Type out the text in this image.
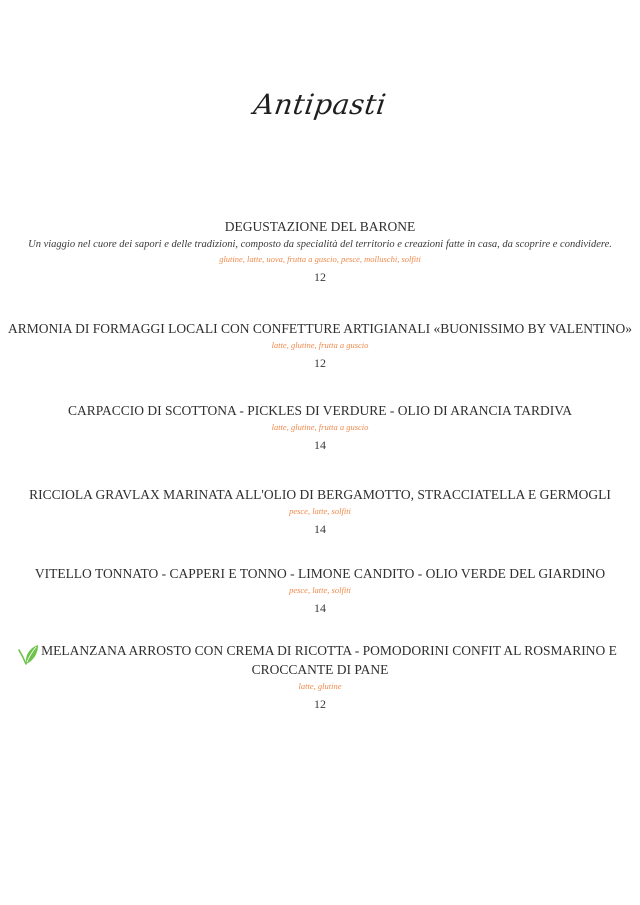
Antipasti
DEGUSTAZIONE DEL BARONE
Un viaggio nel cuore dei sapori e delle tradizioni, composto da specialità del territorio e creazioni fatte in casa, da scoprire e condividere.
glutine, latte, uova, frutta a guscio, pesce, molluschi, solfiti
12
ARMONIA DI FORMAGGI LOCALI CON CONFETTURE ARTIGIANALI «BUONISSIMO BY VALENTINO»
latte, glutine, frutta a guscio
12
CARPACCIO DI SCOTTONA - PICKLES DI VERDURE - OLIO DI ARANCIA TARDIVA
latte, glutine, frutta a guscio
14
RICCIOLA GRAVLAX MARINATA ALL'OLIO DI BERGAMOTTO, STRACCIATELLA E GERMOGLI
pesce, latte, solfiti
14
VITELLO TONNATO - CAPPERI E TONNO - LIMONE CANDITO - OLIO VERDE DEL GIARDINO
pesce, latte, solfiti
14
MELANZANA ARROSTO CON CREMA DI RICOTTA - POMODORINI CONFIT AL ROSMARINO E CROCCANTE DI PANE
latte, glutine
12
